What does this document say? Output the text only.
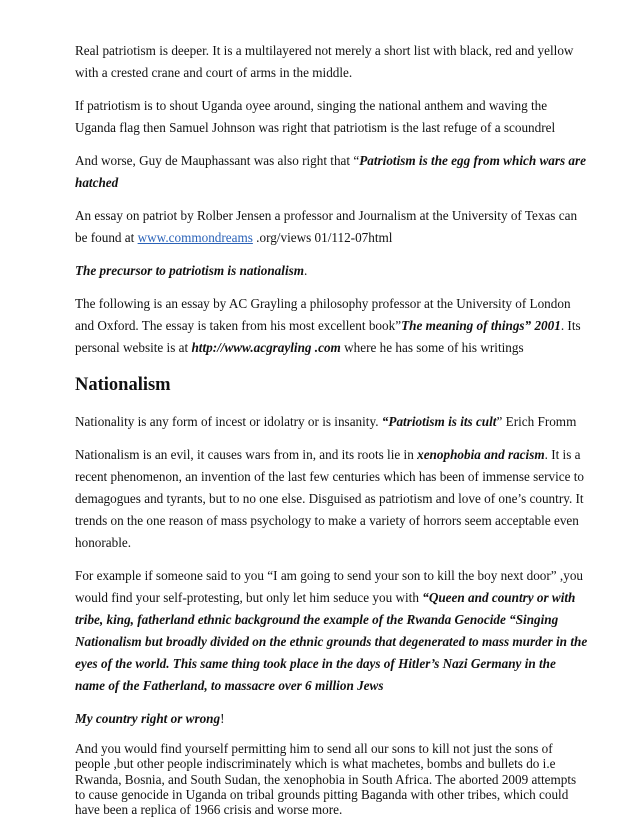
Real patriotism is deeper. It is a multilayered not merely a short list with black, red and yellow

with a crested crane and court of arms in the middle.

If patriotism is to shout Uganda oyee around, singing the national anthem and waving the

Uganda flag then Samuel Johnson was right that patriotism is the last refuge of a scoundrel

And worse, Guy de Mauphassant was also right that “Patriotism is the egg from which wars are

hatched

An essay on patriot by Rolber Jensen a professor and Journalism at the University of Texas can

be found at www.commondreams .org/views 01/112-07html

The precursor to patriotism is nationalism.

The following is an essay by AC Grayling a philosophy professor at the University of London

and Oxford. The essay is taken from his most excellent book”The meaning of things” 2001. Its

personal website is at http://www.acgrayling .com where he has some of his writings

Nationalism

Nationality is any form of incest or idolatry or is insanity. “Patriotism is its cult” Erich Fromm

Nationalism is an evil, it causes wars from in, and its roots lie in xenophobia and racism. It is a

recent phenomenon, an invention of the last few centuries which has been of immense service to

demagogues and tyrants, but to no one else. Disguised as patriotism and love of one’s country. It

trends on the one reason of mass psychology to make a variety of horrors seem acceptable even

honorable.

For example if someone said to you “I am going to send your son to kill the boy next door” ,you

would find your self-protesting, but only let him seduce you with “Queen and country or with

tribe, king, fatherland ethnic background the example of the Rwanda Genocide “Singing

Nationalism but broadly divided on the ethnic grounds that degenerated to mass murder in the

eyes of the world. This same thing took place in the days of Hitler’s Nazi Germany in the

name of the Fatherland, to massacre over 6 million Jews

My country right or wrong!

And you would find yourself permitting him to send all our sons to kill not just the sons of

people ,but other people indiscriminately which is what machetes, bombs and bullets do i.e

Rwanda, Bosnia, and South Sudan, the xenophobia in South Africa. The aborted 2009 attempts

to cause genocide in Uganda on tribal grounds pitting Baganda with other tribes, which could

have been a replica of 1966 crisis and worse more.
